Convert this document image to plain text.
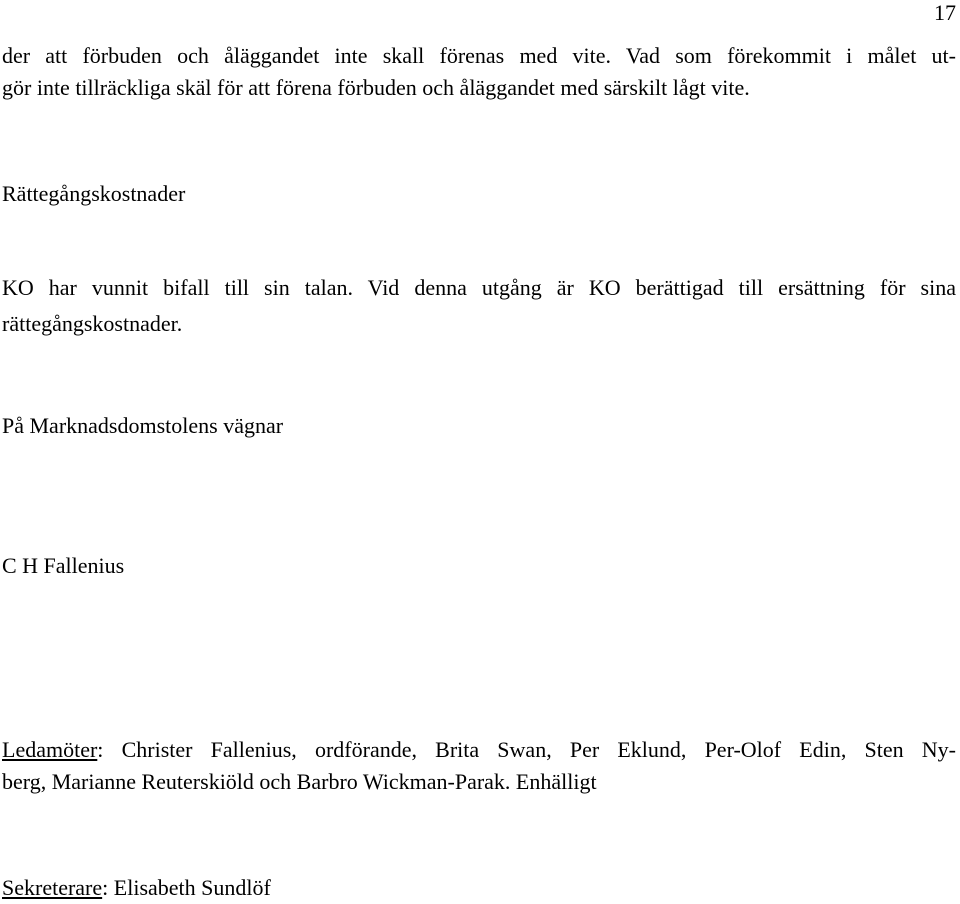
17
der att förbuden och åläggandet inte skall förenas med vite. Vad som förekommit i målet ut-
gör inte tillräckliga skäl för att förena förbuden och åläggandet med särskilt lågt vite.
Rättegångskostnader
KO har vunnit bifall till sin talan. Vid denna utgång är KO berättigad till ersättning för sina
rättegångskostnader.
På Marknadsdomstolens vägnar
C H Fallenius
Ledamöter: Christer Fallenius, ordförande, Brita Swan, Per Eklund, Per-Olof Edin, Sten Ny-
berg, Marianne Reuterskiöld och Barbro Wickman-Parak. Enhälligt
Sekreterare: Elisabeth Sundlöf
